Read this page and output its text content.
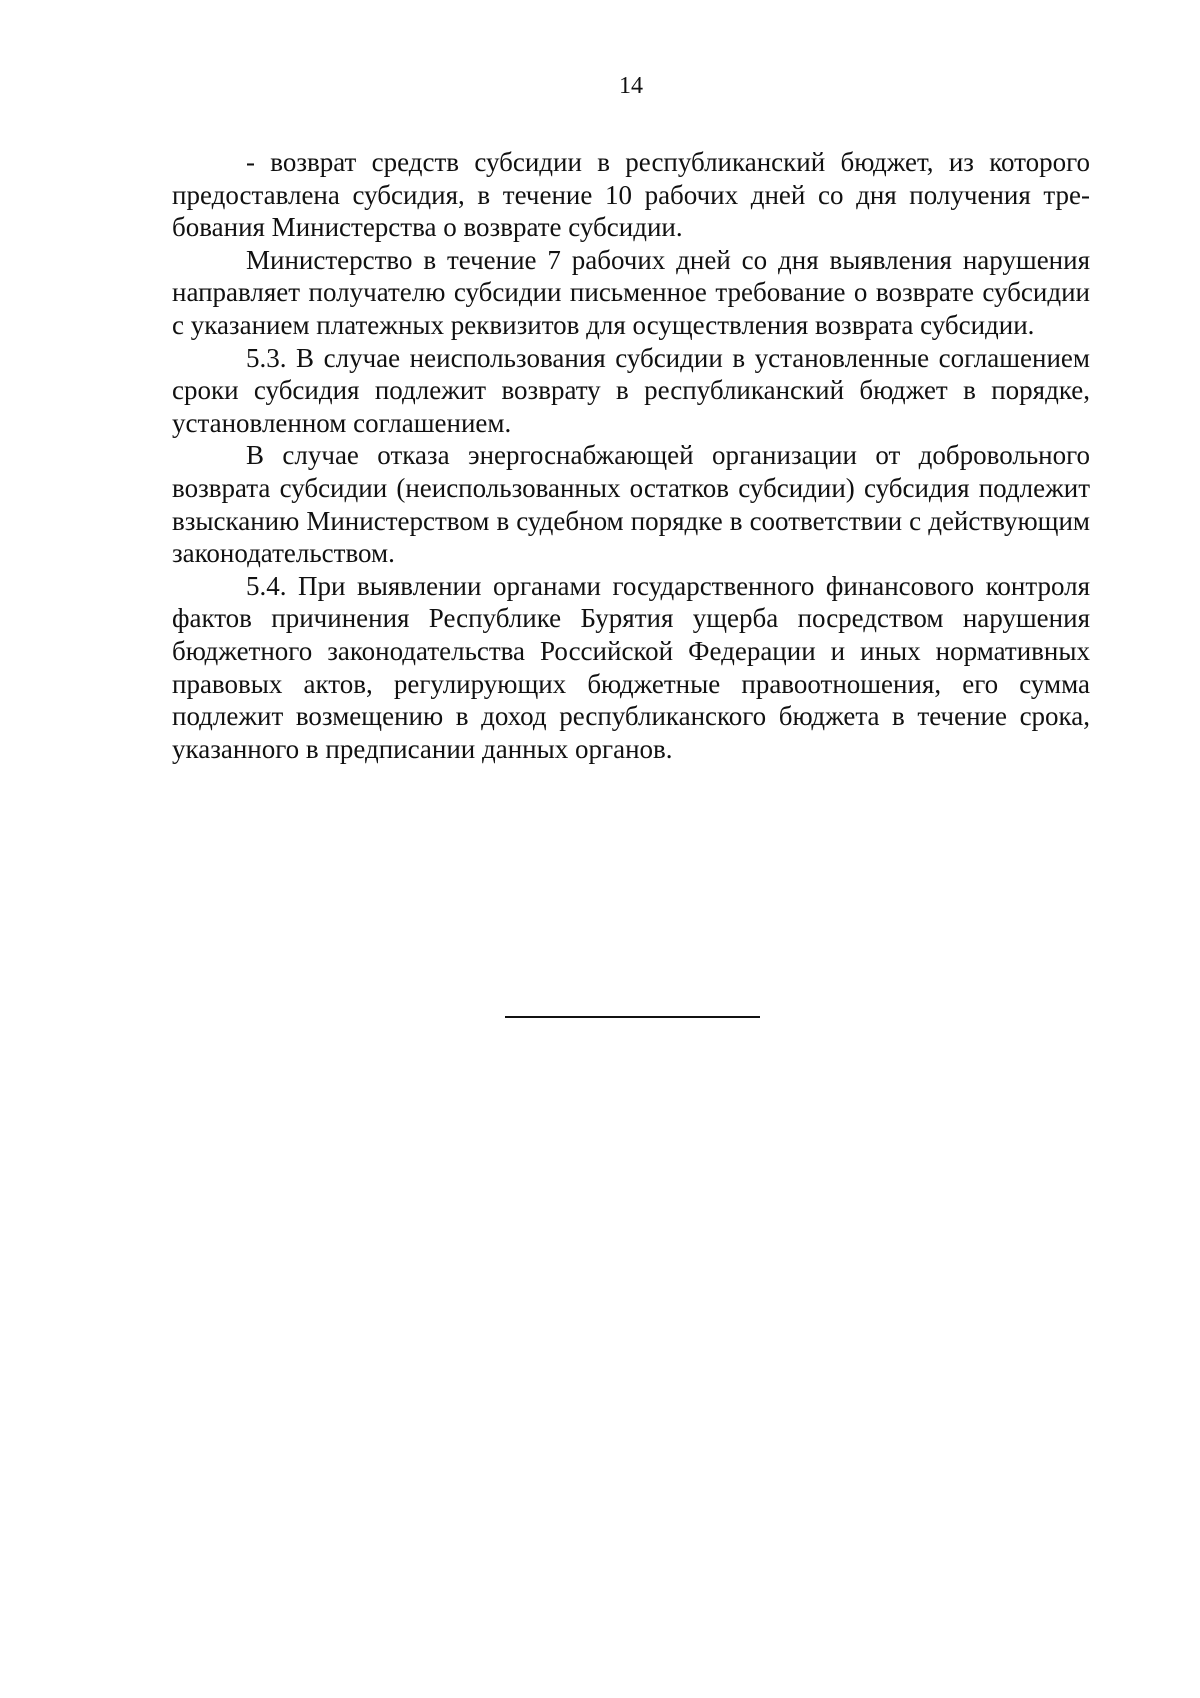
14

- возврат средств субсидии в республиканский бюджет, из которого предоставлена субсидия, в течение 10 рабочих дней со дня получения требования Министерства о возврате субсидии.

Министерство в течение 7 рабочих дней со дня выявления нарушения направляет получателю субсидии письменное требование о возврате субсидии с указанием платежных реквизитов для осуществления возврата субсидии.

5.3. В случае неиспользования субсидии в установленные соглашением сроки субсидия подлежит возврату в республиканский бюджет в порядке, установленном соглашением.

В случае отказа энергоснабжающей организации от добровольного возврата субсидии (неиспользованных остатков субсидии) субсидия подлежит взысканию Министерством в судебном порядке в соответствии с действующим законодательством.

5.4. При выявлении органами государственного финансового контроля фактов причинения Республике Бурятия ущерба посредством нарушения бюджетного законодательства Российской Федерации и иных нормативных правовых актов, регулирующих бюджетные правоотношения, его сумма подлежит возмещению в доход республиканского бюджета в течение срока, указанного в предписании данных органов.
